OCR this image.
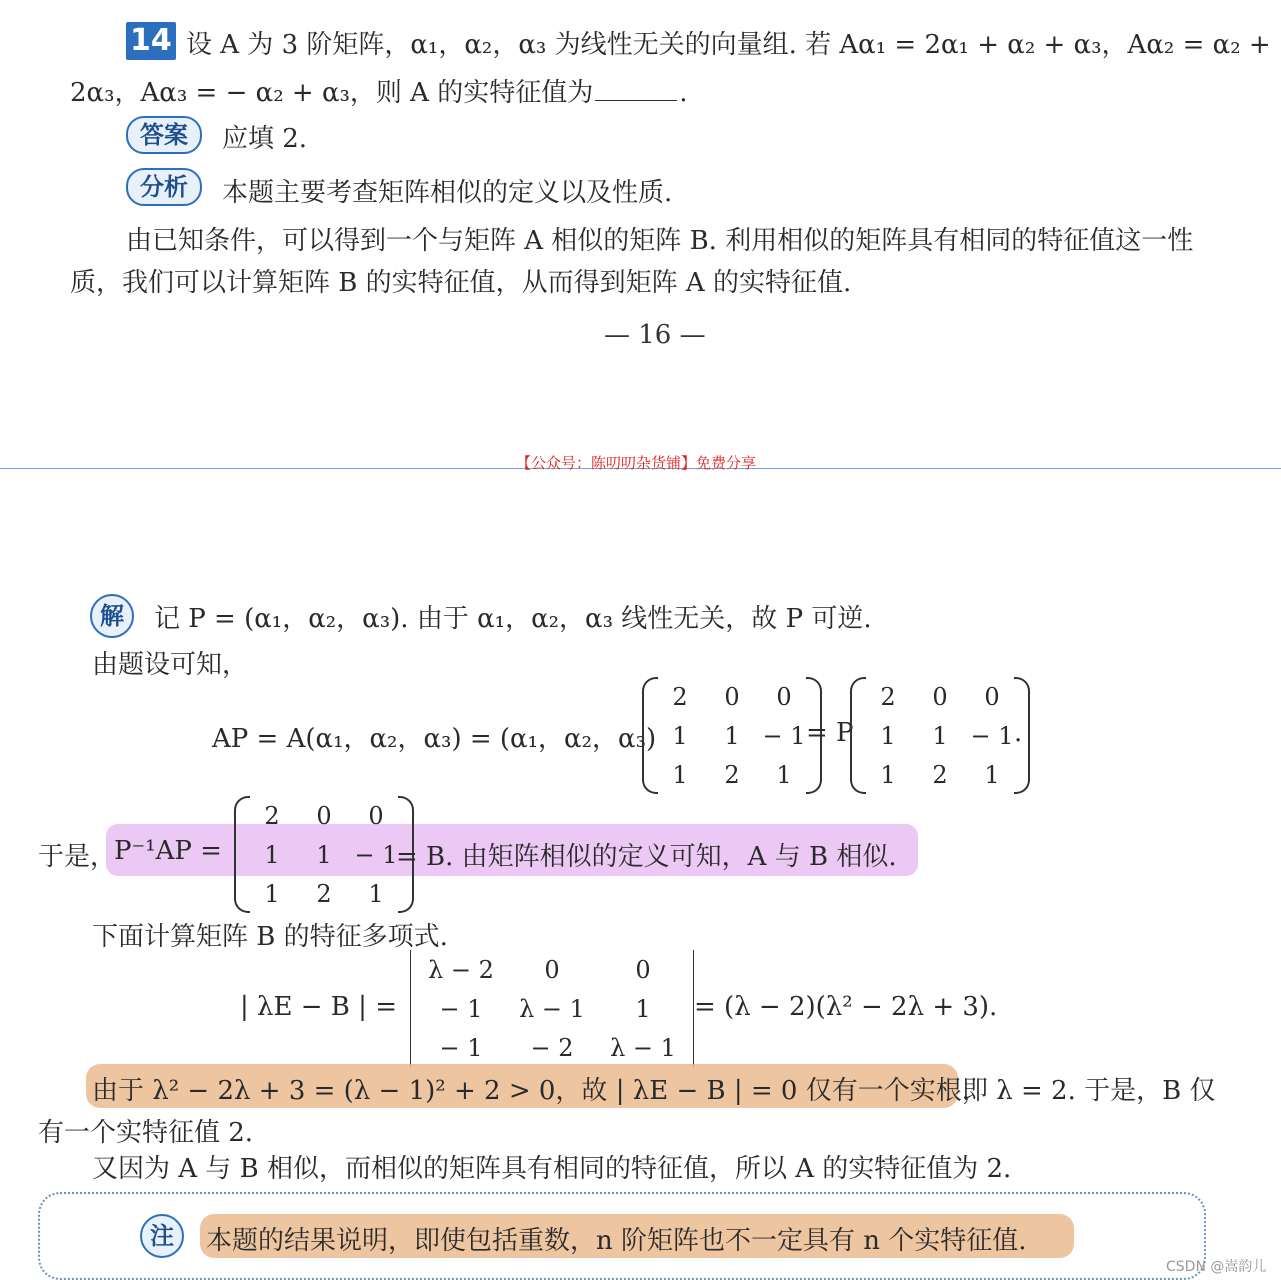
14 设 A 为 3 阶矩阵，α₁，α₂，α₃ 为线性无关的向量组. 若 Aα₁ = 2α₁ + α₂ + α₃，Aα₂ = α₂ +
2α₃，Aα₃ = − α₂ + α₃，则 A 的实特征值为	.
答案	应填 2.
分析	本题主要考查矩阵相似的定义以及性质.
由已知条件，可以得到一个与矩阵 A 相似的矩阵 B. 利用相似的矩阵具有相同的特征值这一性
质，我们可以计算矩阵 B 的实特征值，从而得到矩阵 A 的实特征值.
— 16 —
【公众号：陈叨叨杂货铺】免费分享
解	记 P = (α₁，α₂，α₃). 由于 α₁，α₂，α₃ 线性无关，故 P 可逆.
由题设可知，
AP = A(α₁，α₂，α₃) = (α₁，α₂，α₃)
2	0	0
1	1	− 1
1	2	1
= P
2	0	0
1	1	− 1
1	2	1
.
于是，
P⁻¹AP =
2	0	0
1	1	− 1
1	2	1
= B. 由矩阵相似的定义可知，A 与 B 相似.
下面计算矩阵 B 的特征多项式.
| λE − B | =
λ − 2	0	0
− 1	λ − 1	1
− 1	− 2	λ − 1
= (λ − 2)(λ² − 2λ + 3).
由于 λ² − 2λ + 3 = (λ − 1)² + 2 > 0，故 | λE − B | = 0 仅有一个实根，
即 λ = 2. 于是，B 仅
有一个实特征值 2.
又因为 A 与 B 相似，而相似的矩阵具有相同的特征值，所以 A 的实特征值为 2.
注	本题的结果说明，即使包括重数，n 阶矩阵也不一定具有 n 个实特征值.
CSDN @嵩韵儿
